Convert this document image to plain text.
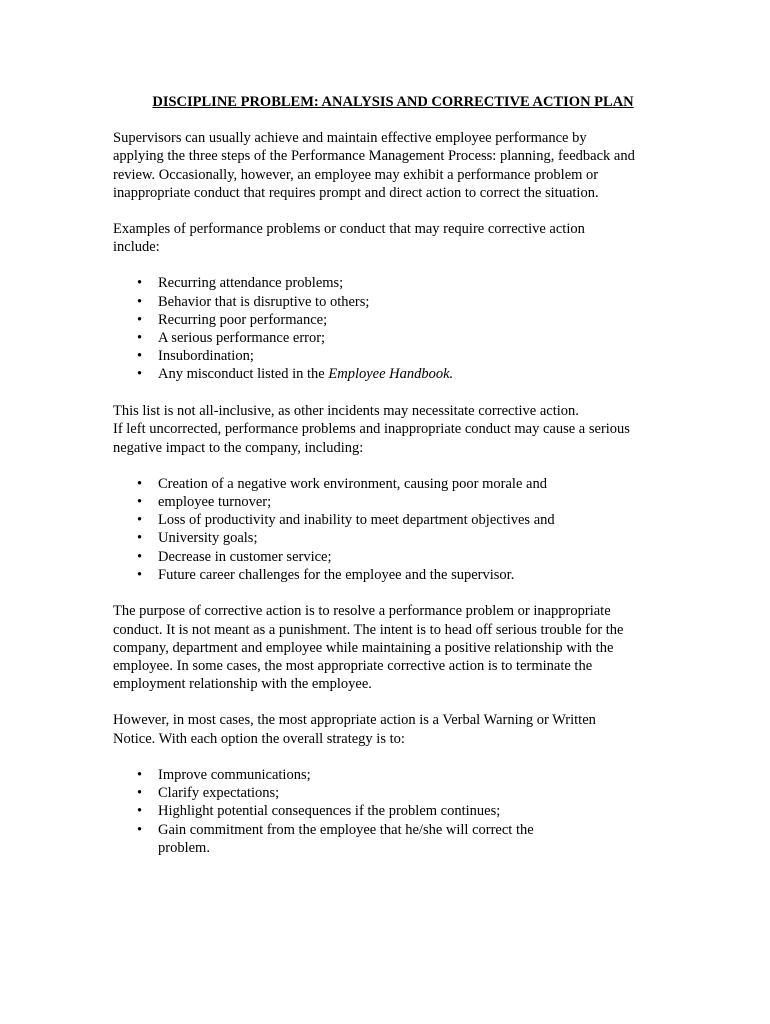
DISCIPLINE PROBLEM: ANALYSIS AND CORRECTIVE ACTION PLAN
Supervisors can usually achieve and maintain effective employee performance by
applying the three steps of the Performance Management Process: planning, feedback and
review. Occasionally, however, an employee may exhibit a performance problem or
inappropriate conduct that requires prompt and direct action to correct the situation.
Examples of performance problems or conduct that may require corrective action
include:
• Recurring attendance problems;
• Behavior that is disruptive to others;
• Recurring poor performance;
• A serious performance error;
• Insubordination;
• Any misconduct listed in the Employee Handbook.
This list is not all-inclusive, as other incidents may necessitate corrective action.
If left uncorrected, performance problems and inappropriate conduct may cause a serious
negative impact to the company, including:
• Creation of a negative work environment, causing poor morale and
• employee turnover;
• Loss of productivity and inability to meet department objectives and
• University goals;
• Decrease in customer service;
• Future career challenges for the employee and the supervisor.
The purpose of corrective action is to resolve a performance problem or inappropriate
conduct. It is not meant as a punishment. The intent is to head off serious trouble for the
company, department and employee while maintaining a positive relationship with the
employee. In some cases, the most appropriate corrective action is to terminate the
employment relationship with the employee.
However, in most cases, the most appropriate action is a Verbal Warning or Written
Notice. With each option the overall strategy is to:
• Improve communications;
• Clarify expectations;
• Highlight potential consequences if the problem continues;
• Gain commitment from the employee that he/she will correct the
problem.
